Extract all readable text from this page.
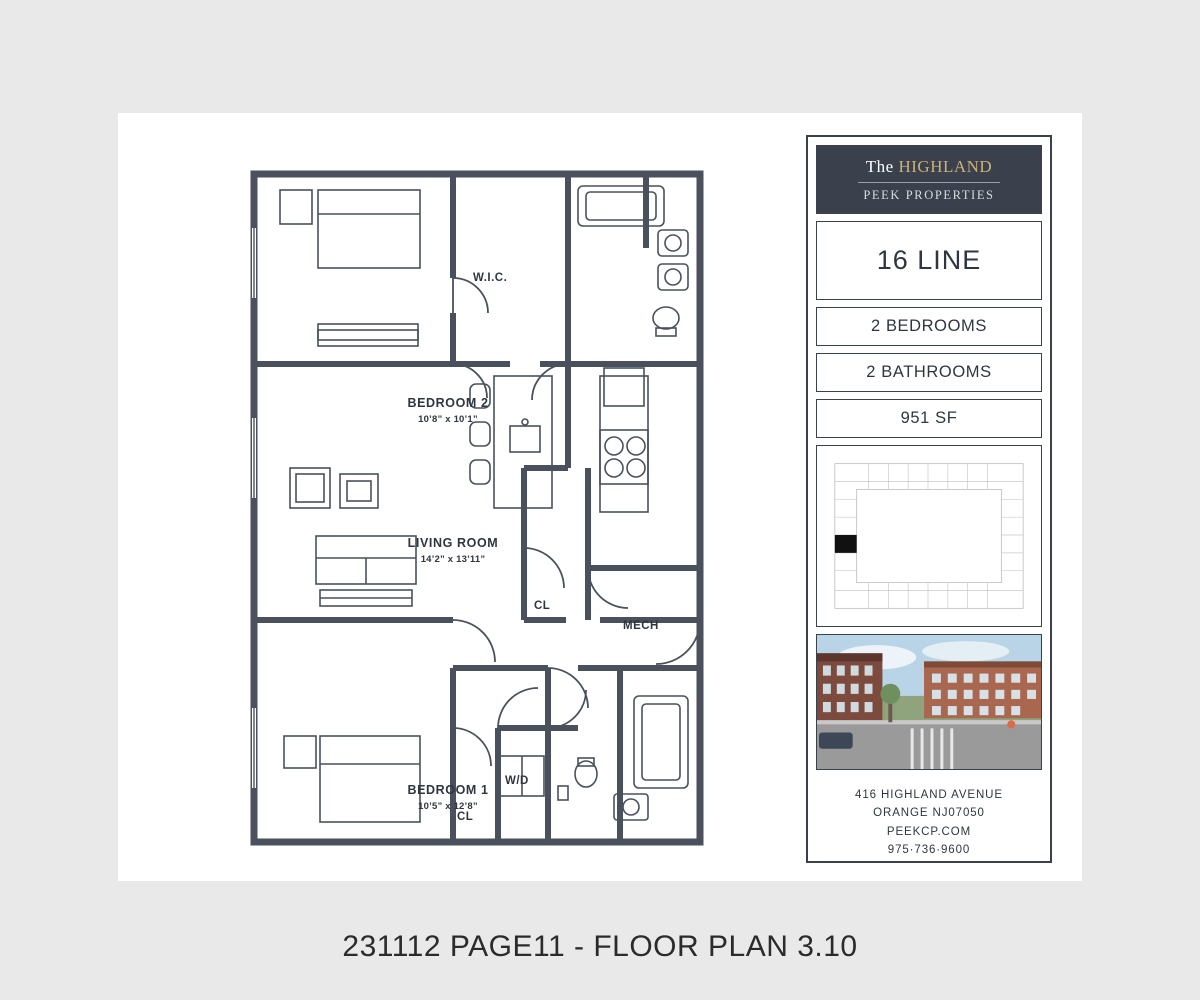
BEDROOM 2
10’8” x 10’1”
LIVING ROOM
14’2” x 13’11”
BEDROOM 1
10’5” x 12’8”
W.I.C.
CL
MECH
W/D
CL
The HIGHLAND
PEEK PROPERTIES
16 LINE
2 BEDROOMS
2 BATHROOMS
951 SF
416 HIGHLAND AVENUE
ORANGE NJ07050
PEEKCP.COM
975·736·9600
231112 PAGE11 - FLOOR PLAN 3.10
